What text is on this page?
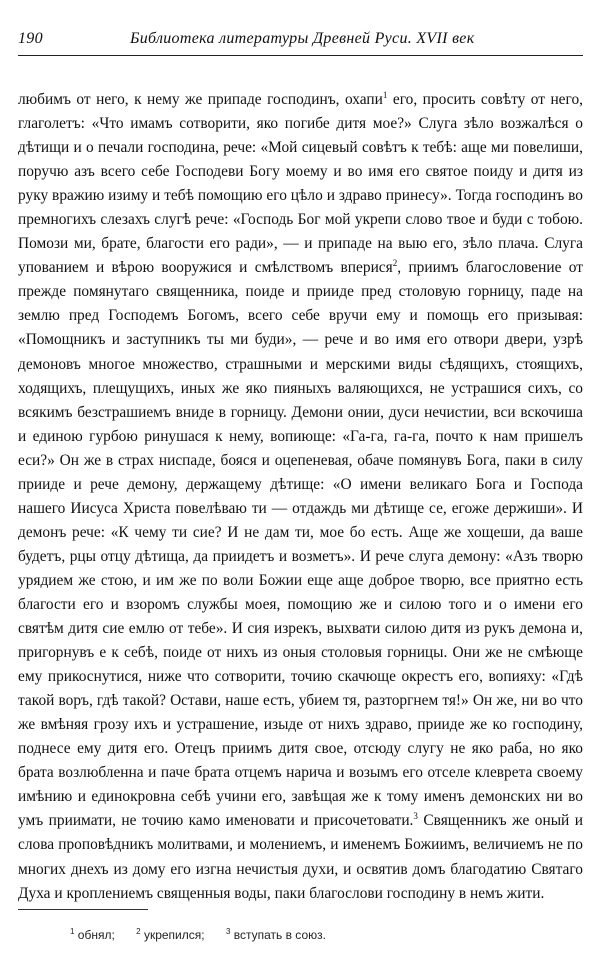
190	Библиотека литературы Древней Руси. XVII век

любимъ от него, к нему же припаде господинъ, охапи$^1$ его, просить совѣту от него, глаголетъ: «Что имамъ сотворити, яко погибе дитя мое?» Слуга зѣло возжалѣся о дѣтищи и о печали господина, рече: «Мой сицевый совѣтъ к тебѣ: аще ми повелиши, поручю азъ всего себе Господеви Богу моему и во имя его святое поиду и дитя из руку вражию изиму и тебѣ помощию его цѣло и здраво принесу». Тогда господинъ во премногихъ слезахъ слугѣ рече: «Господь Бог мой укрепи слово твое и буди с тобою. Помози ми, брате, благости его ради», — и припаде на выю его, зѣло плача. Слуга упованием и вѣрою вооружися и смѣлствомъ вперися$^2$, приимъ благословение от прежде помянутаго священника, поиде и прииде пред столовую горницу, паде на землю пред Господемъ Богомъ, всего себе вручи ему и помощь его призывая: «Помощникъ и заступникъ ты ми буди», — рече и во имя его отвори двери, узрѣ демоновъ многое множество, страшными и мерскими виды сѣдящихъ, стоящихъ, ходящихъ, плещущихъ, иных же яко пияныхъ валяющихся, не устрашися сихъ, со всякимъ безстрашиемъ вниде в горницу. Демони онии, дуси нечистии, вси вскочиша и единою гурбою ринушася к нему, вопиюще: «Га-га, га-га, почто к нам пришелъ еси?» Он же в страх ниспаде, бояся и оцепеневая, обаче помянувъ Бога, паки в силу прииде и рече демону, держащему дѣтище: «О имени великаго Бога и Господа нашего Иисуса Христа повелѣваю ти — отдаждь ми дѣтище се, егоже держиши». И демонъ рече: «К чему ти сие? И не дам ти, мое бо есть. Аще же хощеши, да ваше будетъ, рцы отцу дѣтища, да приидетъ и возметъ». И рече слуга демону: «Азъ творю урядием же стою, и им же по воли Божии еще аще доброе творю, все приятно есть благости его и взоромъ службы моея, помощию же и силою того и о имени его святѣм дитя сие емлю от тебе». И сия изрекъ, выхвати силою дитя из рукъ демона и, пригорнувъ е к себѣ, поиде от нихъ из оныя столовыя горницы. Они же не смѣюще ему прикоснутися, ниже что сотворити, точию скачюще окрестъ его, вопияху: «Гдѣ такой воръ, гдѣ такой? Остави, наше есть, убием тя, разторгнем тя!» Он же, ни во что же вмѣняя грозу ихъ и устрашение, изыде от нихъ здраво, прииде же ко господину, поднесе ему дитя его. Отецъ приимъ дитя свое, отсюду слугу не яко раба, но яко брата возлюбленна и паче брата отцемъ нарича и возымъ его отселе клеврета своему имѣнию и единокровна себѣ учини его, завѣщая же к тому именъ демонских ни во умъ приимати, не точию камо именовати и присочетовати.$^3$ Священникъ же оный и слова проповѣдникъ молитвами, и молениемъ, и именемъ Божиимъ, величиемъ не по многих днехъ из дому его изгна нечистыя духи, и освятив домъ благодатию Святаго Духа и кроплениемъ священныя воды, паки благослови господину в немъ жити.

$^1$ обнял;	$^2$ укрепился;	$^3$ вступать в союз.
